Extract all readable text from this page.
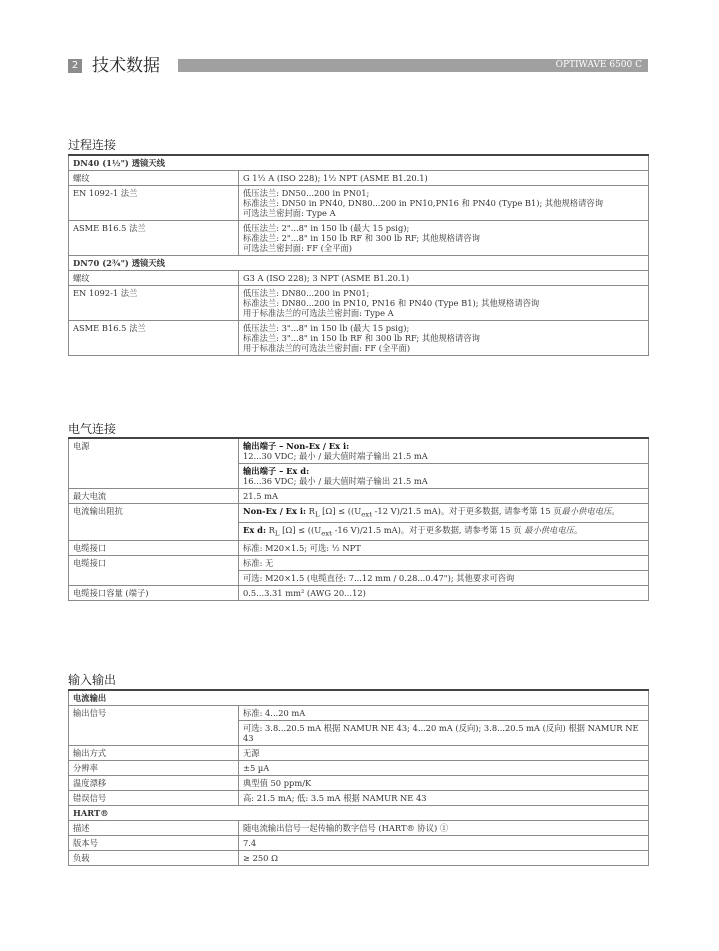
2 技术数据	OPTIWAVE 6500 C
过程连接
DN40 (1½") 透镜天线	
螺纹	G 1½ A (ISO 228); 1½ NPT (ASME B1.20.1)
EN 1092-1 法兰	低压法兰: DN50...200 in PN01;
标准法兰: DN50 in PN40, DN80...200 in PN10,PN16 和 PN40 (Type B1); 其他规格请咨询
可选法兰密封面: Type A

ASME B16.5 法兰	低压法兰: 2"...8" in 150 lb (最大 15 psig);
标准法兰: 2"...8" in 150 lb RF 和 300 lb RF; 其他规格请咨询
可选法兰密封面: FF (全平面)

DN70 (2¾") 透镜天线	
螺纹	G3 A (ISO 228); 3 NPT (ASME B1.20.1)
EN 1092-1 法兰	低压法兰: DN80...200 in PN01;
标准法兰: DN80...200 in PN10, PN16 和 PN40 (Type B1); 其他规格请咨询
用于标准法兰的可选法兰密封面: Type A

ASME B16.5 法兰	低压法兰: 3"...8" in 150 lb (最大 15 psig);
标准法兰: 3"...8" in 150 lb RF 和 300 lb RF; 其他规格请咨询
用于标准法兰的可选法兰密封面: FF (全平面)
电气连接
电源	输出端子 – Non-Ex / Ex i:
12...30 VDC; 最小 / 最大值时端子输出 21.5 mA

	输出端子 – Ex d:
16...36 VDC; 最小 / 最大值时端子输出 21.5 mA

最大电流	21.5 mA
电流输出阻抗	Non-Ex / Ex i: $R_L$ $[\Omega] \le ((U_{ext}$ -12 V)/21.5 mA)。对于更多数据, 请参考第 15 页最小供电电压。
	Ex d: $R_L$ $[\Omega] \le ((U_{ext}$ -16 V)/21.5 mA)。对于更多数据, 请参考第 15 页 最小供电电压。
电缆接口	标准: M20×1.5; 可选: ½ NPT
电缆接口	标准: 无
	可选: M20×1.5 (电缆直径: 7...12 mm / 0.28...0.47"); 其他要求可咨询
电缆接口容量 (端子)	0.5...3.31 mm² (AWG 20...12)
输入输出
电流输出	
输出信号	标准: 4...20 mA
	可选: 3.8...20.5 mA 根据 NAMUR NE 43; 4...20 mA (反向); 3.8...20.5 mA (反向) 根据 NAMUR NE 43
输出方式	无源
分辨率	±5 µA
温度漂移	典型值 50 ppm/K
错误信号	高: 21.5 mA; 低: 3.5 mA 根据 NAMUR NE 43
HART®	
描述	随电流输出信号一起传输的数字信号 (HART® 协议) ①
版本号	7.4
负载	≥ 250 Ω
